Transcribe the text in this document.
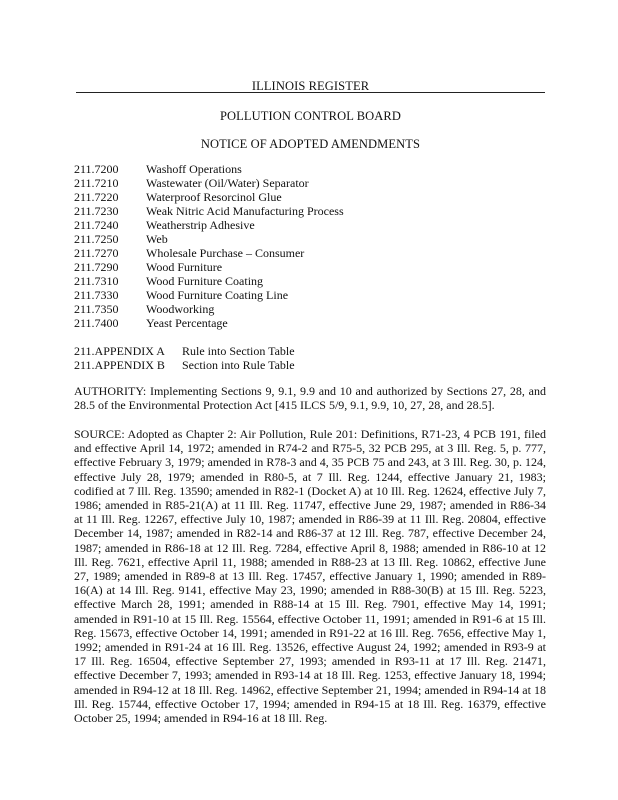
ILLINOIS REGISTER
POLLUTION CONTROL BOARD
NOTICE OF ADOPTED AMENDMENTS
211.7200	Washoff Operations
211.7210	Wastewater (Oil/Water) Separator
211.7220	Waterproof Resorcinol Glue
211.7230	Weak Nitric Acid Manufacturing Process
211.7240	Weatherstrip Adhesive
211.7250	Web
211.7270	Wholesale Purchase – Consumer
211.7290	Wood Furniture
211.7310	Wood Furniture Coating
211.7330	Wood Furniture Coating Line
211.7350	Woodworking
211.7400	Yeast Percentage
211.APPENDIX A	Rule into Section Table
211.APPENDIX B	Section into Rule Table
AUTHORITY: Implementing Sections 9, 9.1, 9.9 and 10 and authorized by Sections 27, 28, and 28.5 of the Environmental Protection Act [415 ILCS 5/9, 9.1, 9.9, 10, 27, 28, and 28.5].
SOURCE: Adopted as Chapter 2: Air Pollution, Rule 201: Definitions, R71-23, 4 PCB 191, filed and effective April 14, 1972; amended in R74-2 and R75-5, 32 PCB 295, at 3 Ill. Reg. 5, p. 777, effective February 3, 1979; amended in R78-3 and 4, 35 PCB 75 and 243, at 3 Ill. Reg. 30, p. 124, effective July 28, 1979; amended in R80-5, at 7 Ill. Reg. 1244, effective January 21, 1983; codified at 7 Ill. Reg. 13590; amended in R82-1 (Docket A) at 10 Ill. Reg. 12624, effective July 7, 1986; amended in R85-21(A) at 11 Ill. Reg. 11747, effective June 29, 1987; amended in R86-34 at 11 Ill. Reg. 12267, effective July 10, 1987; amended in R86-39 at 11 Ill. Reg. 20804, effective December 14, 1987; amended in R82-14 and R86-37 at 12 Ill. Reg. 787, effective December 24, 1987; amended in R86-18 at 12 Ill. Reg. 7284, effective April 8, 1988; amended in R86-10 at 12 Ill. Reg. 7621, effective April 11, 1988; amended in R88-23 at 13 Ill. Reg. 10862, effective June 27, 1989; amended in R89-8 at 13 Ill. Reg. 17457, effective January 1, 1990; amended in R89-16(A) at 14 Ill. Reg. 9141, effective May 23, 1990; amended in R88-30(B) at 15 Ill. Reg. 5223, effective March 28, 1991; amended in R88-14 at 15 Ill. Reg. 7901, effective May 14, 1991; amended in R91-10 at 15 Ill. Reg. 15564, effective October 11, 1991; amended in R91-6 at 15 Ill. Reg. 15673, effective October 14, 1991; amended in R91-22 at 16 Ill. Reg. 7656, effective May 1, 1992; amended in R91-24 at 16 Ill. Reg. 13526, effective August 24, 1992; amended in R93-9 at 17 Ill. Reg. 16504, effective September 27, 1993; amended in R93-11 at 17 Ill. Reg. 21471, effective December 7, 1993; amended in R93-14 at 18 Ill. Reg. 1253, effective January 18, 1994; amended in R94-12 at 18 Ill. Reg. 14962, effective September 21, 1994; amended in R94-14 at 18 Ill. Reg. 15744, effective October 17, 1994; amended in R94-15 at 18 Ill. Reg. 16379, effective October 25, 1994; amended in R94-16 at 18 Ill. Reg.
